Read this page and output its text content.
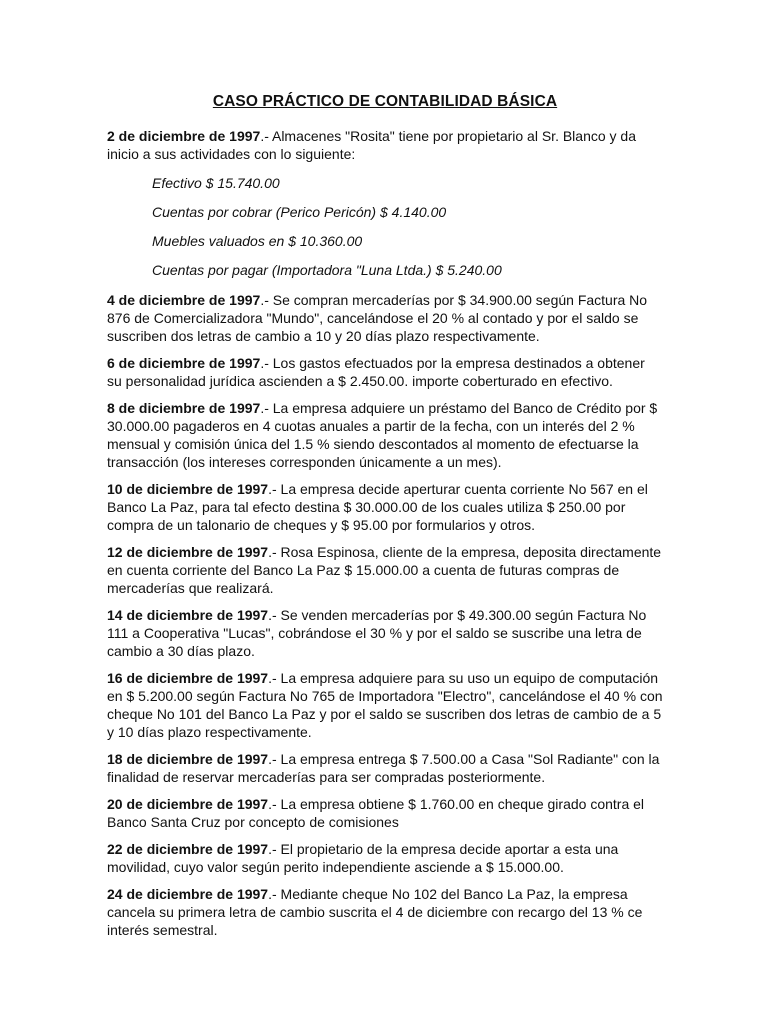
CASO PRÁCTICO DE CONTABILIDAD BÁSICA
2 de diciembre de 1997.- Almacenes "Rosita" tiene por propietario al Sr. Blanco y da inicio a sus actividades con lo siguiente:
Efectivo $ 15.740.00
Cuentas por cobrar (Perico Pericón) $ 4.140.00
Muebles valuados en $ 10.360.00
Cuentas por pagar (Importadora "Luna Ltda.) $ 5.240.00
4 de diciembre de 1997.- Se compran mercaderías por $ 34.900.00 según Factura No 876 de Comercializadora "Mundo", cancelándose el 20 % al contado y por el saldo se suscriben dos letras de cambio a 10 y 20 días plazo respectivamente.
6 de diciembre de 1997.- Los gastos efectuados por la empresa destinados a obtener su personalidad jurídica ascienden a $ 2.450.00. importe coberturado en efectivo.
8 de diciembre de 1997.- La empresa adquiere un préstamo del Banco de Crédito por $ 30.000.00 pagaderos en 4 cuotas anuales a partir de la fecha, con un interés del 2 % mensual y comisión única del 1.5 % siendo descontados al momento de efectuarse la transacción (los intereses corresponden únicamente a un mes).
10 de diciembre de 1997.- La empresa decide aperturar cuenta corriente No 567 en el Banco La Paz, para tal efecto destina $ 30.000.00 de los cuales utiliza $ 250.00 por compra de un talonario de cheques y $ 95.00 por formularios y otros.
12 de diciembre de 1997.- Rosa Espinosa, cliente de la empresa, deposita directamente en cuenta corriente del Banco La Paz $ 15.000.00 a cuenta de futuras compras de mercaderías que realizará.
14 de diciembre de 1997.- Se venden mercaderías por $ 49.300.00 según Factura No 111 a Cooperativa "Lucas", cobrándose el 30 % y por el saldo se suscribe una letra de cambio a 30 días plazo.
16 de diciembre de 1997.- La empresa adquiere para su uso un equipo de computación en $ 5.200.00 según Factura No 765 de Importadora "Electro", cancelándose el 40 % con cheque No 101 del Banco La Paz y por el saldo se suscriben dos letras de cambio de a 5 y 10 días plazo respectivamente.
18 de diciembre de 1997.- La empresa entrega $ 7.500.00 a Casa "Sol Radiante" con la finalidad de reservar mercaderías para ser compradas posteriormente.
20 de diciembre de 1997.- La empresa obtiene $ 1.760.00 en cheque girado contra el Banco Santa Cruz por concepto de comisiones
22 de diciembre de 1997.- El propietario de la empresa decide aportar a esta una movilidad, cuyo valor según perito independiente asciende a $ 15.000.00.
24 de diciembre de 1997.- Mediante cheque No 102 del Banco La Paz, la empresa cancela su primera letra de cambio suscrita el 4 de diciembre con recargo del 13 % ce interés semestral.
